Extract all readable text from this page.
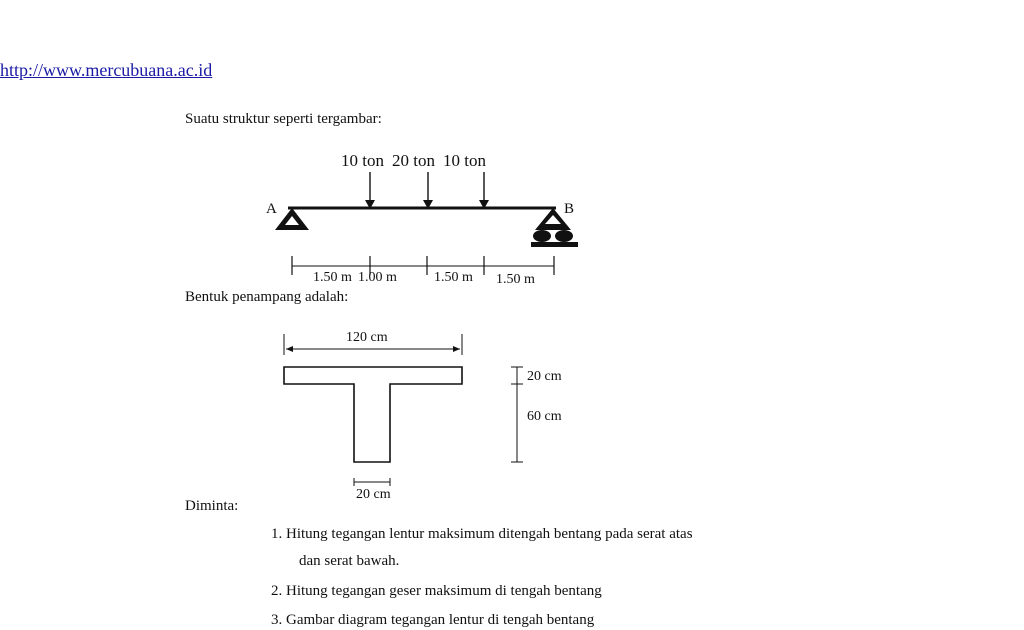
http://www.mercubuana.ac.id
Suatu struktur seperti tergambar:
10 ton 20 ton 10 ton
A	B
1.50 m 1.00 m	1.50 m 1.50 m
Bentuk penampang adalah:
120 cm
20 cm
60 cm
20 cm
Diminta:
1. Hitung tegangan lentur maksimum ditengah bentang pada serat atas
dan serat bawah.
2. Hitung tegangan geser maksimum di tengah bentang
3. Gambar diagram tegangan lentur di tengah bentang
